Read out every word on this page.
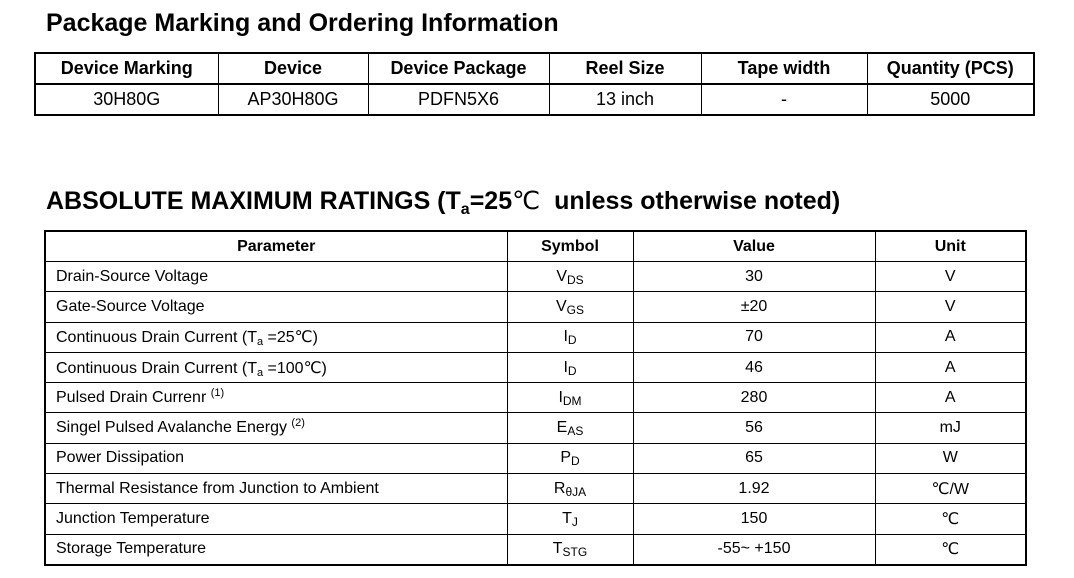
Package Marking and Ordering Information
Device Marking	Device	Device Package	Reel Size	Tape width	Quantity (PCS)
30H80G	AP30H80G	PDFN5X6	13 inch	-	5000
ABSOLUTE MAXIMUM RATINGS ($T_a=25℃$  unless otherwise noted)
Parameter	Symbol	Value	Unit
Drain-Source Voltage	VDS	30	V
Gate-Source Voltage	VGS	±20	V
Continuous Drain Current (Ta =25℃)	ID	70	A
Continuous Drain Current (Ta =100℃)	ID	46	A
Pulsed Drain Currenr $^{(1)}$	IDM	280	A
Singel Pulsed Avalanche Energy $^{(2)}$	EAS	56	mJ
Power Dissipation	PD	65	W
Thermal Resistance from Junction to Ambient	RθJA	1.92	℃/W
Junction Temperature	TJ	150	℃
Storage Temperature	TSTG	-55~ +150	℃
